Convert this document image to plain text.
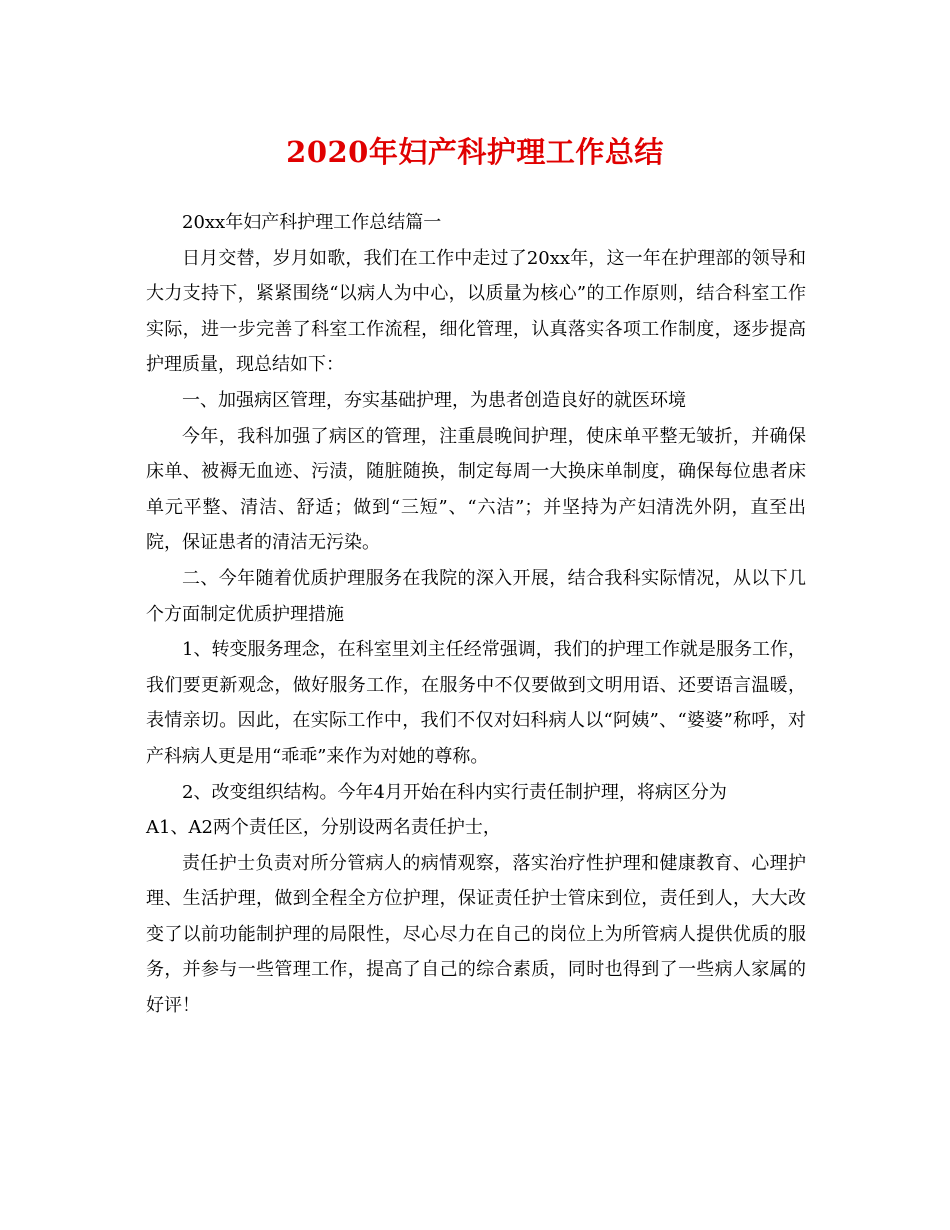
2020年妇产科护理工作总结

20xx年妇产科护理工作总结篇一

日月交替，岁月如歌，我们在工作中走过了20xx年，这一年在护理部的领导和大力支持下，紧紧围绕“以病人为中心，以质量为核心”的工作原则，结合科室工作实际，进一步完善了科室工作流程，细化管理，认真落实各项工作制度，逐步提高护理质量，现总结如下：

一、加强病区管理，夯实基础护理，为患者创造良好的就医环境

今年，我科加强了病区的管理，注重晨晚间护理，使床单平整无皱折，并确保床单、被褥无血迹、污渍，随脏随换，制定每周一大换床单制度，确保每位患者床单元平整、清洁、舒适；做到“三短”、“六洁”；并坚持为产妇清洗外阴，直至出院，保证患者的清洁无污染。

二、今年随着优质护理服务在我院的深入开展，结合我科实际情况，从以下几个方面制定优质护理措施

1、转变服务理念，在科室里刘主任经常强调，我们的护理工作就是服务工作，我们要更新观念，做好服务工作，在服务中不仅要做到文明用语、还要语言温暖，表情亲切。因此，在实际工作中，我们不仅对妇科病人以“阿姨”、“婆婆”称呼，对产科病人更是用“乖乖”来作为对她的尊称。

2、改变组织结构。今年4月开始在科内实行责任制护理，将病区分为

A1、A2两个责任区，分别设两名责任护士，

责任护士负责对所分管病人的病情观察，落实治疗性护理和健康教育、心理护理、生活护理，做到全程全方位护理，保证责任护士管床到位，责任到人，大大改变了以前功能制护理的局限性，尽心尽力在自己的岗位上为所管病人提供优质的服务，并参与一些管理工作，提高了自己的综合素质，同时也得到了一些病人家属的好评！
